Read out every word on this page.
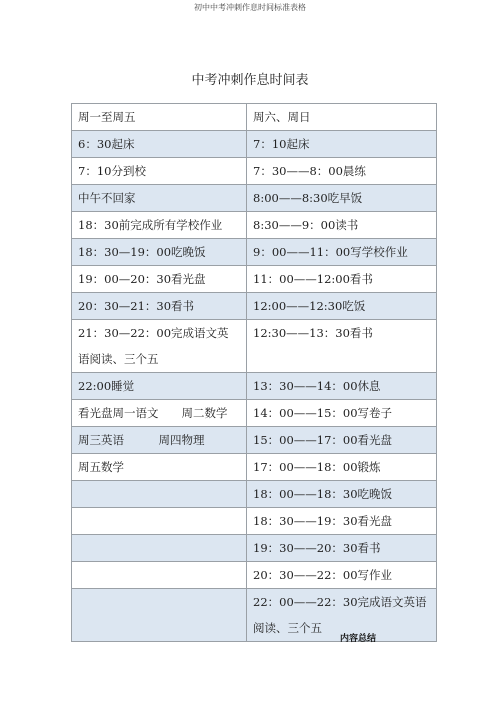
初中中考冲刺作息时间标准表格
中考冲刺作息时间表
周一至周五	周六、周日
6：30起床	7：10起床
7：10分到校	7：30——8：00晨练
中午不回家	8:00——8:30吃早饭
18：30前完成所有学校作业	8:30——9：00读书
18：30—19：00吃晚饭	9：00——11：00写学校作业
19：00—20：30看光盘	11：00——12:00看书
20：30—21：30看书	12:00——12:30吃饭
21：30—22：00完成语文英语阅读、三个五	12:30——13：30看书
22:00睡觉	13：30——14：00休息
看光盘周一语文　　周二数学	14：00——15：00写卷子
周三英语　　　周四物理	15：00——17：00看光盘
周五数学	17：00——18：00锻炼
	18：00——18：30吃晚饭
	18：30——19：30看光盘
	19：30——20：30看书
	20：30——22：00写作业
	22：00——22：30完成语文英语阅读、三个五
内容总结
